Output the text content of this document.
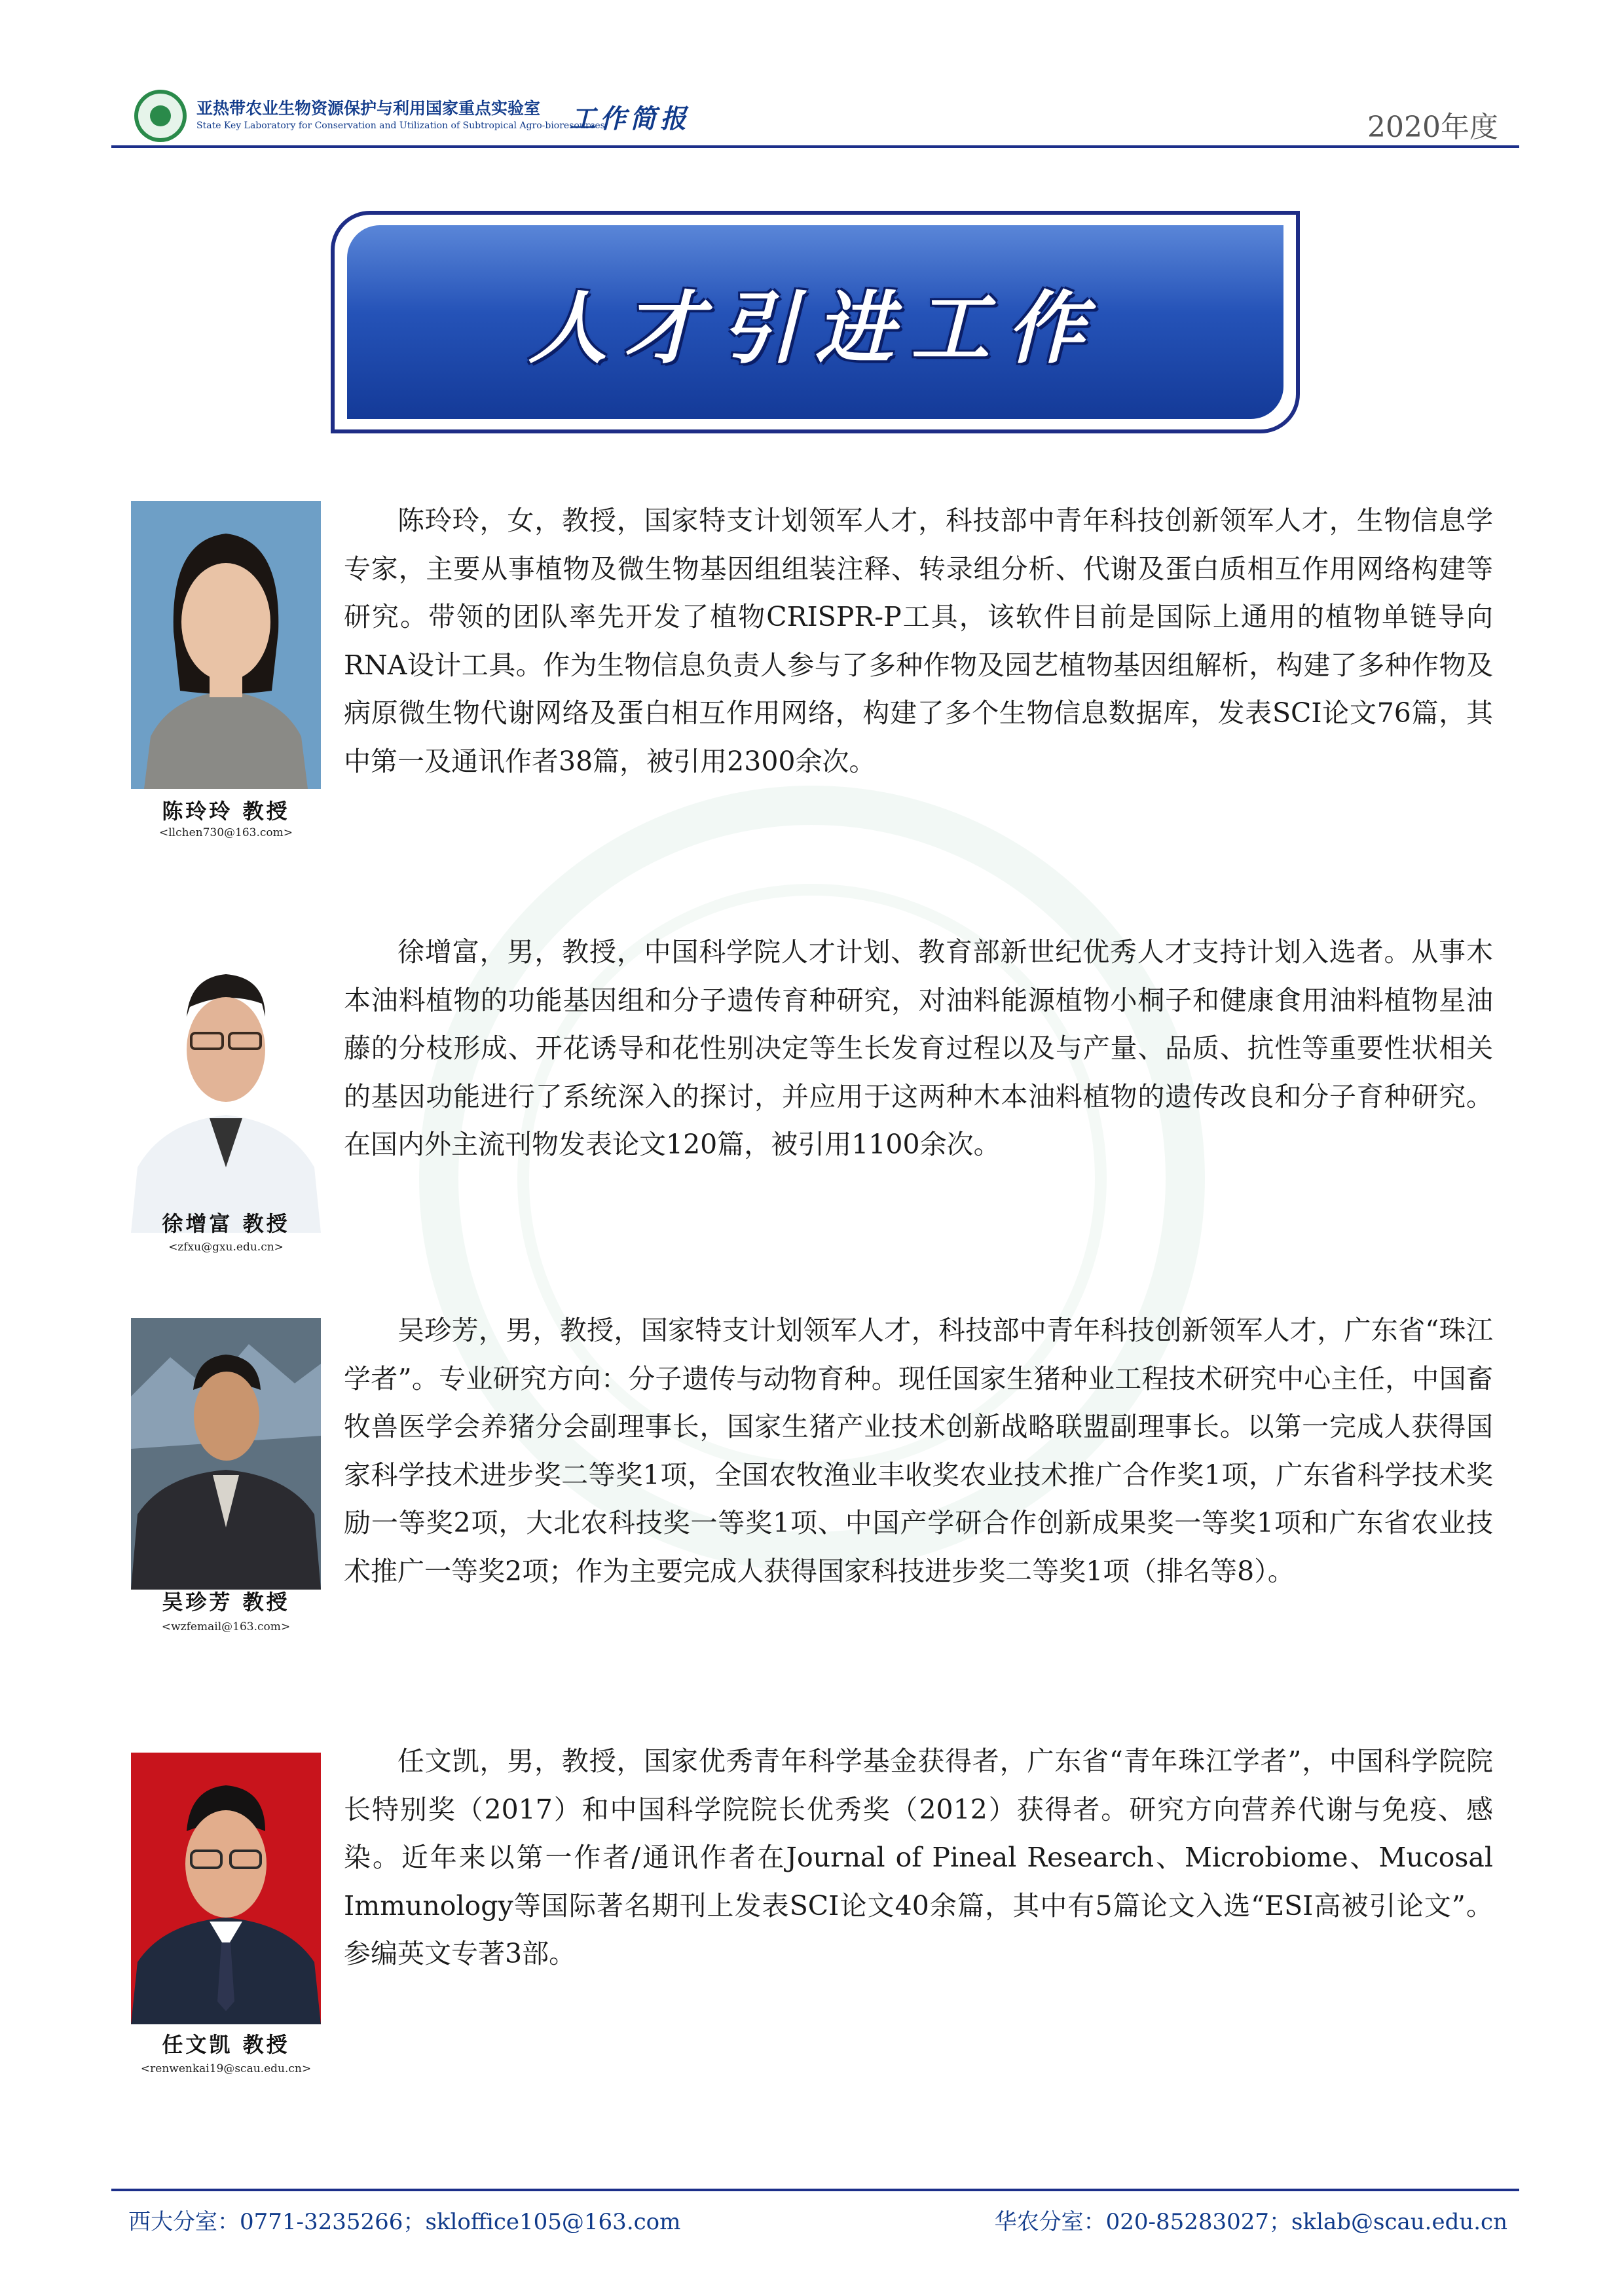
亚热带农业生物资源保护与利用国家重点实验室
State Key Laboratory for Conservation and Utilization of Subtropical Agro-bioresources
工作简报	2020年度
人才引进工作
陈玲玲 教授
<llchen730@163.com>
陈玲玲，女，教授，国家特支计划领军人才，科技部中青年科技创新领军人才，生物信息学专家，主要从事植物及微生物基因组组装注释、转录组分析、代谢及蛋白质相互作用网络构建等研究。带领的团队率先开发了植物CRISPR-P工具，该软件目前是国际上通用的植物单链导向RNA设计工具。作为生物信息负责人参与了多种作物及园艺植物基因组解析，构建了多种作物及病原微生物代谢网络及蛋白相互作用网络，构建了多个生物信息数据库，发表SCI论文76篇，其中第一及通讯作者38篇，被引用2300余次。
徐增富 教授
<zfxu@gxu.edu.cn>
徐增富，男，教授，中国科学院人才计划、教育部新世纪优秀人才支持计划入选者。从事木本油料植物的功能基因组和分子遗传育种研究，对油料能源植物小桐子和健康食用油料植物星油藤的分枝形成、开花诱导和花性别决定等生长发育过程以及与产量、品质、抗性等重要性状相关的基因功能进行了系统深入的探讨，并应用于这两种木本油料植物的遗传改良和分子育种研究。在国内外主流刊物发表论文120篇，被引用1100余次。
吴珍芳 教授
<wzfemail@163.com>
吴珍芳，男，教授，国家特支计划领军人才，科技部中青年科技创新领军人才，广东省“珠江学者”。专业研究方向：分子遗传与动物育种。现任国家生猪种业工程技术研究中心主任，中国畜牧兽医学会养猪分会副理事长，国家生猪产业技术创新战略联盟副理事长。以第一完成人获得国家科学技术进步奖二等奖1项，全国农牧渔业丰收奖农业技术推广合作奖1项，广东省科学技术奖励一等奖2项，大北农科技奖一等奖1项、中国产学研合作创新成果奖一等奖1项和广东省农业技术推广一等奖2项；作为主要完成人获得国家科技进步奖二等奖1项（排名等8）。
任文凯 教授
<renwenkai19@scau.edu.cn>
任文凯，男，教授，国家优秀青年科学基金获得者，广东省“青年珠江学者”，中国科学院院长特别奖（2017）和中国科学院院长优秀奖（2012）获得者。研究方向营养代谢与免疫、感染。近年来以第一作者/通讯作者在Journal of Pineal Research、Microbiome、Mucosal Immunology等国际著名期刊上发表SCI论文40余篇，其中有5篇论文入选“ESI高被引论文”。参编英文专著3部。
西大分室：0771-3235266；skloffice105@163.com	华农分室：020-85283027；sklab@scau.edu.cn
